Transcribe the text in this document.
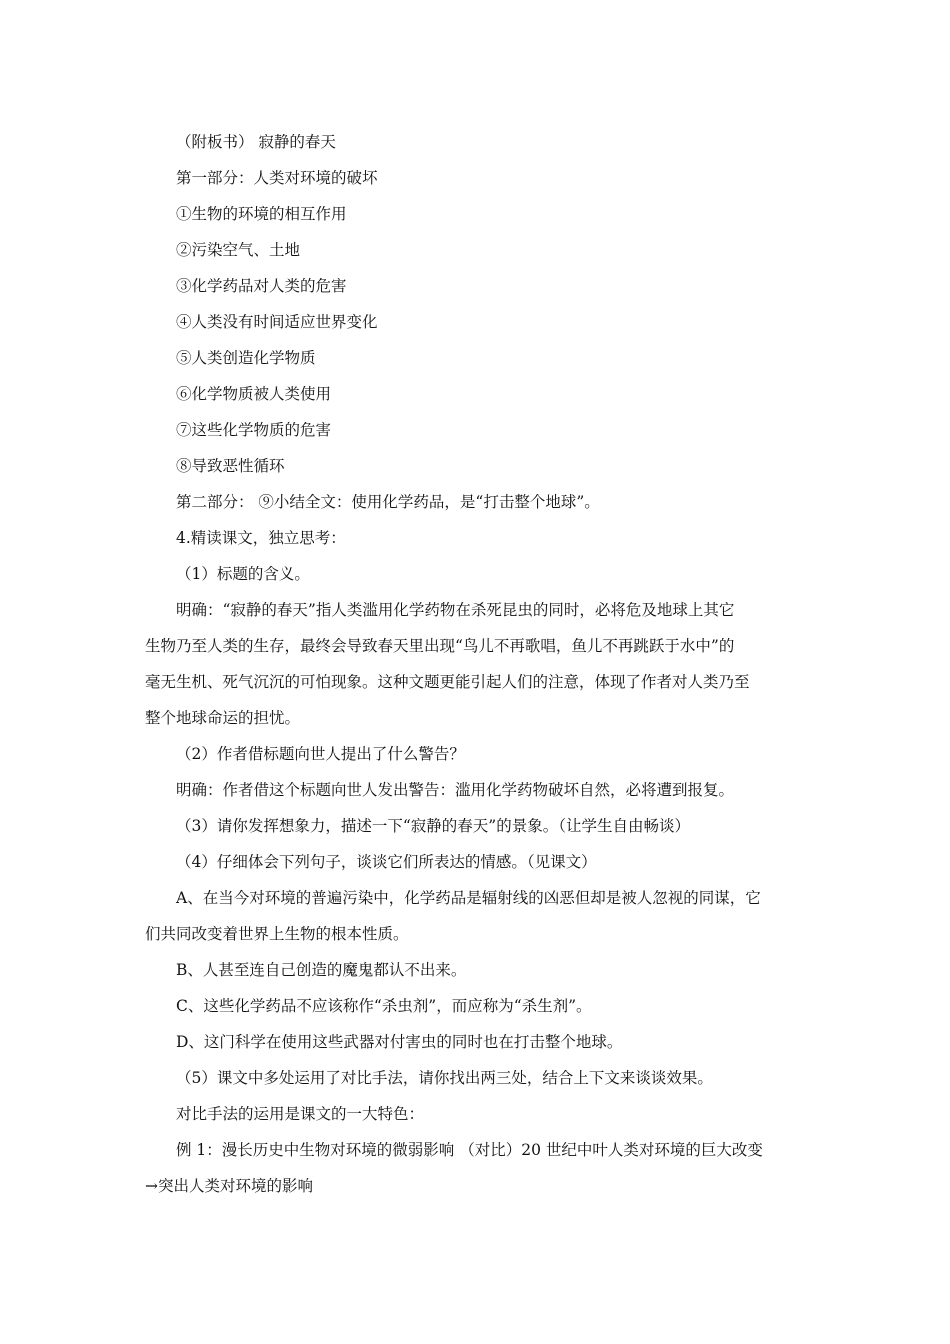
（附板书） 寂静的春天
第一部分：人类对环境的破坏
①生物的环境的相互作用
②污染空气、土地
③化学药品对人类的危害
④人类没有时间适应世界变化
⑤人类创造化学物质
⑥化学物质被人类使用
⑦这些化学物质的危害
⑧导致恶性循环
第二部分： ⑨小结全文：使用化学药品，是“打击整个地球”。
4.精读课文，独立思考：
（1）标题的含义。
明确：“寂静的春天”指人类滥用化学药物在杀死昆虫的同时，必将危及地球上其它
生物乃至人类的生存，最终会导致春天里出现“鸟儿不再歌唱，鱼儿不再跳跃于水中”的
毫无生机、死气沉沉的可怕现象。这种文题更能引起人们的注意，体现了作者对人类乃至
整个地球命运的担忧。
（2）作者借标题向世人提出了什么警告？
明确：作者借这个标题向世人发出警告：滥用化学药物破坏自然，必将遭到报复。
（3）请你发挥想象力，描述一下“寂静的春天”的景象。（让学生自由畅谈）
（4）仔细体会下列句子，谈谈它们所表达的情感。（见课文）
A、在当今对环境的普遍污染中，化学药品是辐射线的凶恶但却是被人忽视的同谋，它
们共同改变着世界上生物的根本性质。
B、人甚至连自己创造的魔鬼都认不出来。
C、这些化学药品不应该称作“杀虫剂”，而应称为“杀生剂”。
D、这门科学在使用这些武器对付害虫的同时也在打击整个地球。
（5）课文中多处运用了对比手法，请你找出两三处，结合上下文来谈谈效果。
对比手法的运用是课文的一大特色：
例 1：漫长历史中生物对环境的微弱影响 （对比）20 世纪中叶人类对环境的巨大改变
→突出人类对环境的影响
